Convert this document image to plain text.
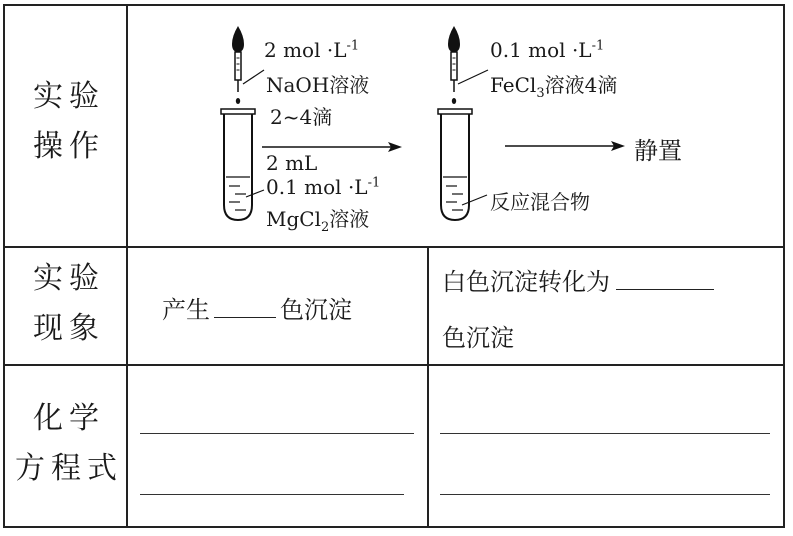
实验
操作
实验
现象
化学
方程式
2 mol $\cdot L^{-1}$
NaOH溶液
2~4滴
2 mL
0.1 mol $\cdot L^{-1}$
MgCl$_2$溶液
0.1 mol $\cdot L^{-1}$
FeCl$_3$溶液4滴
反应混合物
静置
产生	色沉淀
白色沉淀转化为
色沉淀
